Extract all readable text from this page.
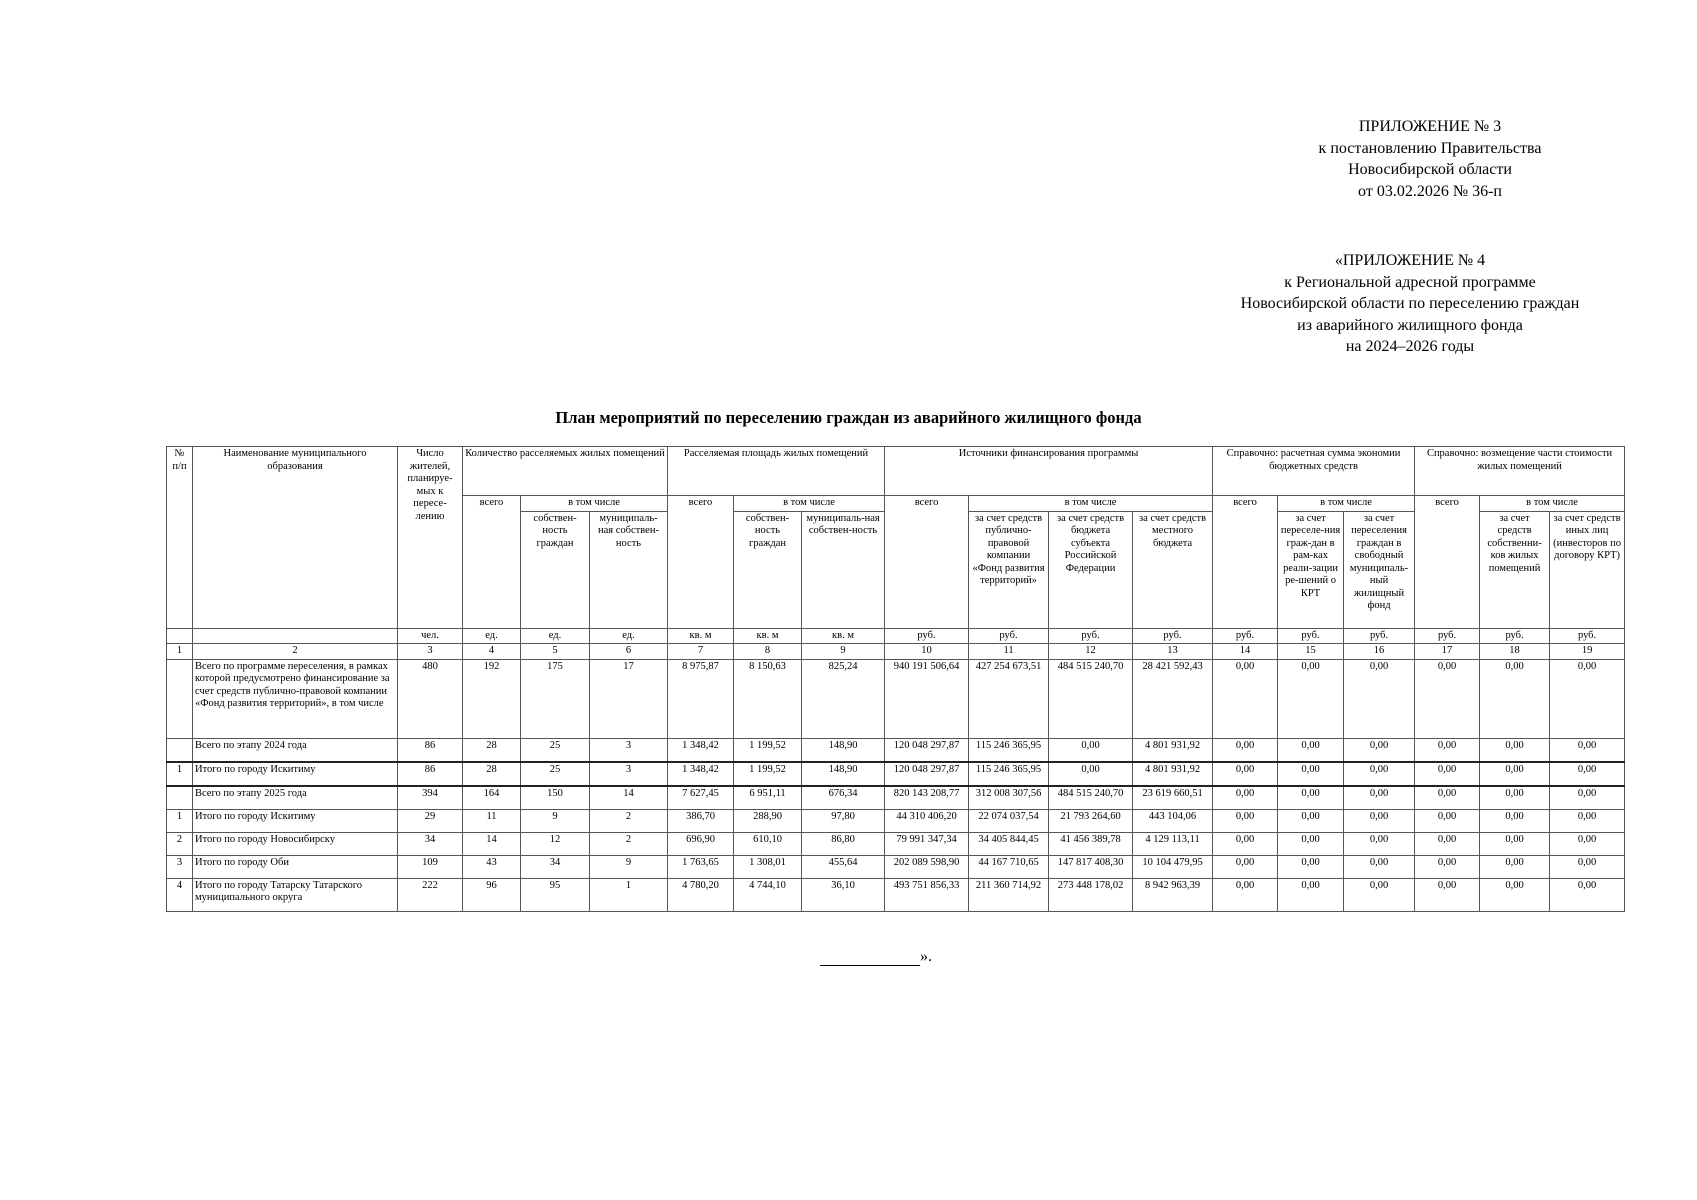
ПРИЛОЖЕНИЕ № 3
к постановлению Правительства
Новосибирской области
от 03.02.2026 № 36-п
«ПРИЛОЖЕНИЕ № 4
к Региональной адресной программе
Новосибирской области по переселению граждан
из аварийного жилищного фонда
на 2024–2026 годы
План мероприятий по переселению граждан из аварийного жилищного фонда
№ п/п	Наименование муниципального образования	Число жителей, планируе-мых к пересе-лению	Количество расселяемых жилых помещений			Расселяемая площадь жилых помещений			Источники финансирования программы				Справочно: расчетная сумма экономии бюджетных средств			Справочно: возмещение части стоимости жилых помещений		
			всего	в том числе		всего	в том числе		всего	в том числе			всего	в том числе		всего	в том числе	
				собствен-ность граждан	муниципаль-ная собствен-ность		собствен-ность граждан	муниципаль-ная собствен-ность		за счет средств публично-правовой компании «Фонд развития территорий»	за счет средств бюджета субъекта Российской Федерации	за счет средств местного бюджета		за счет переселе-ния граж-дан в рам-ках реали-зации ре-шений о КРТ	за счет переселения граждан в свободный муниципаль-ный жилищный фонд		за счет средств собственни-ков жилых помещений	за счет средств иных лиц (инвесторов по договору КРТ)
		чел.	ед.	ед.	ед.	кв. м	кв. м	кв. м	руб.	руб.	руб.	руб.	руб.	руб.	руб.	руб.	руб.	руб.
1	2	3	4	5	6	7	8	9	10	11	12	13	14	15	16	17	18	19
	Всего по программе переселения, в рамках которой предусмотрено финансирование за счет средств публично-правовой компании «Фонд развития территорий», в том числе	480	192	175	17	8 975,87	8 150,63	825,24	940 191 506,64	427 254 673,51	484 515 240,70	28 421 592,43	0,00	0,00	0,00	0,00	0,00	0,00
	Всего по этапу 2024 года	86	28	25	3	1 348,42	1 199,52	148,90	120 048 297,87	115 246 365,95	0,00	4 801 931,92	0,00	0,00	0,00	0,00	0,00	0,00
1	Итого по городу Искитиму	86	28	25	3	1 348,42	1 199,52	148,90	120 048 297,87	115 246 365,95	0,00	4 801 931,92	0,00	0,00	0,00	0,00	0,00	0,00
	Всего по этапу 2025 года	394	164	150	14	7 627,45	6 951,11	676,34	820 143 208,77	312 008 307,56	484 515 240,70	23 619 660,51	0,00	0,00	0,00	0,00	0,00	0,00
1	Итого по городу Искитиму	29	11	9	2	386,70	288,90	97,80	44 310 406,20	22 074 037,54	21 793 264,60	443 104,06	0,00	0,00	0,00	0,00	0,00	0,00
2	Итого по городу Новосибирску	34	14	12	2	696,90	610,10	86,80	79 991 347,34	34 405 844,45	41 456 389,78	4 129 113,11	0,00	0,00	0,00	0,00	0,00	0,00
3	Итого по городу Оби	109	43	34	9	1 763,65	1 308,01	455,64	202 089 598,90	44 167 710,65	147 817 408,30	10 104 479,95	0,00	0,00	0,00	0,00	0,00	0,00
4	Итого по городу Татарску Татарского муниципального округа	222	96	95	1	4 780,20	4 744,10	36,10	493 751 856,33	211 360 714,92	273 448 178,02	8 942 963,39	0,00	0,00	0,00	0,00	0,00	0,00
».
